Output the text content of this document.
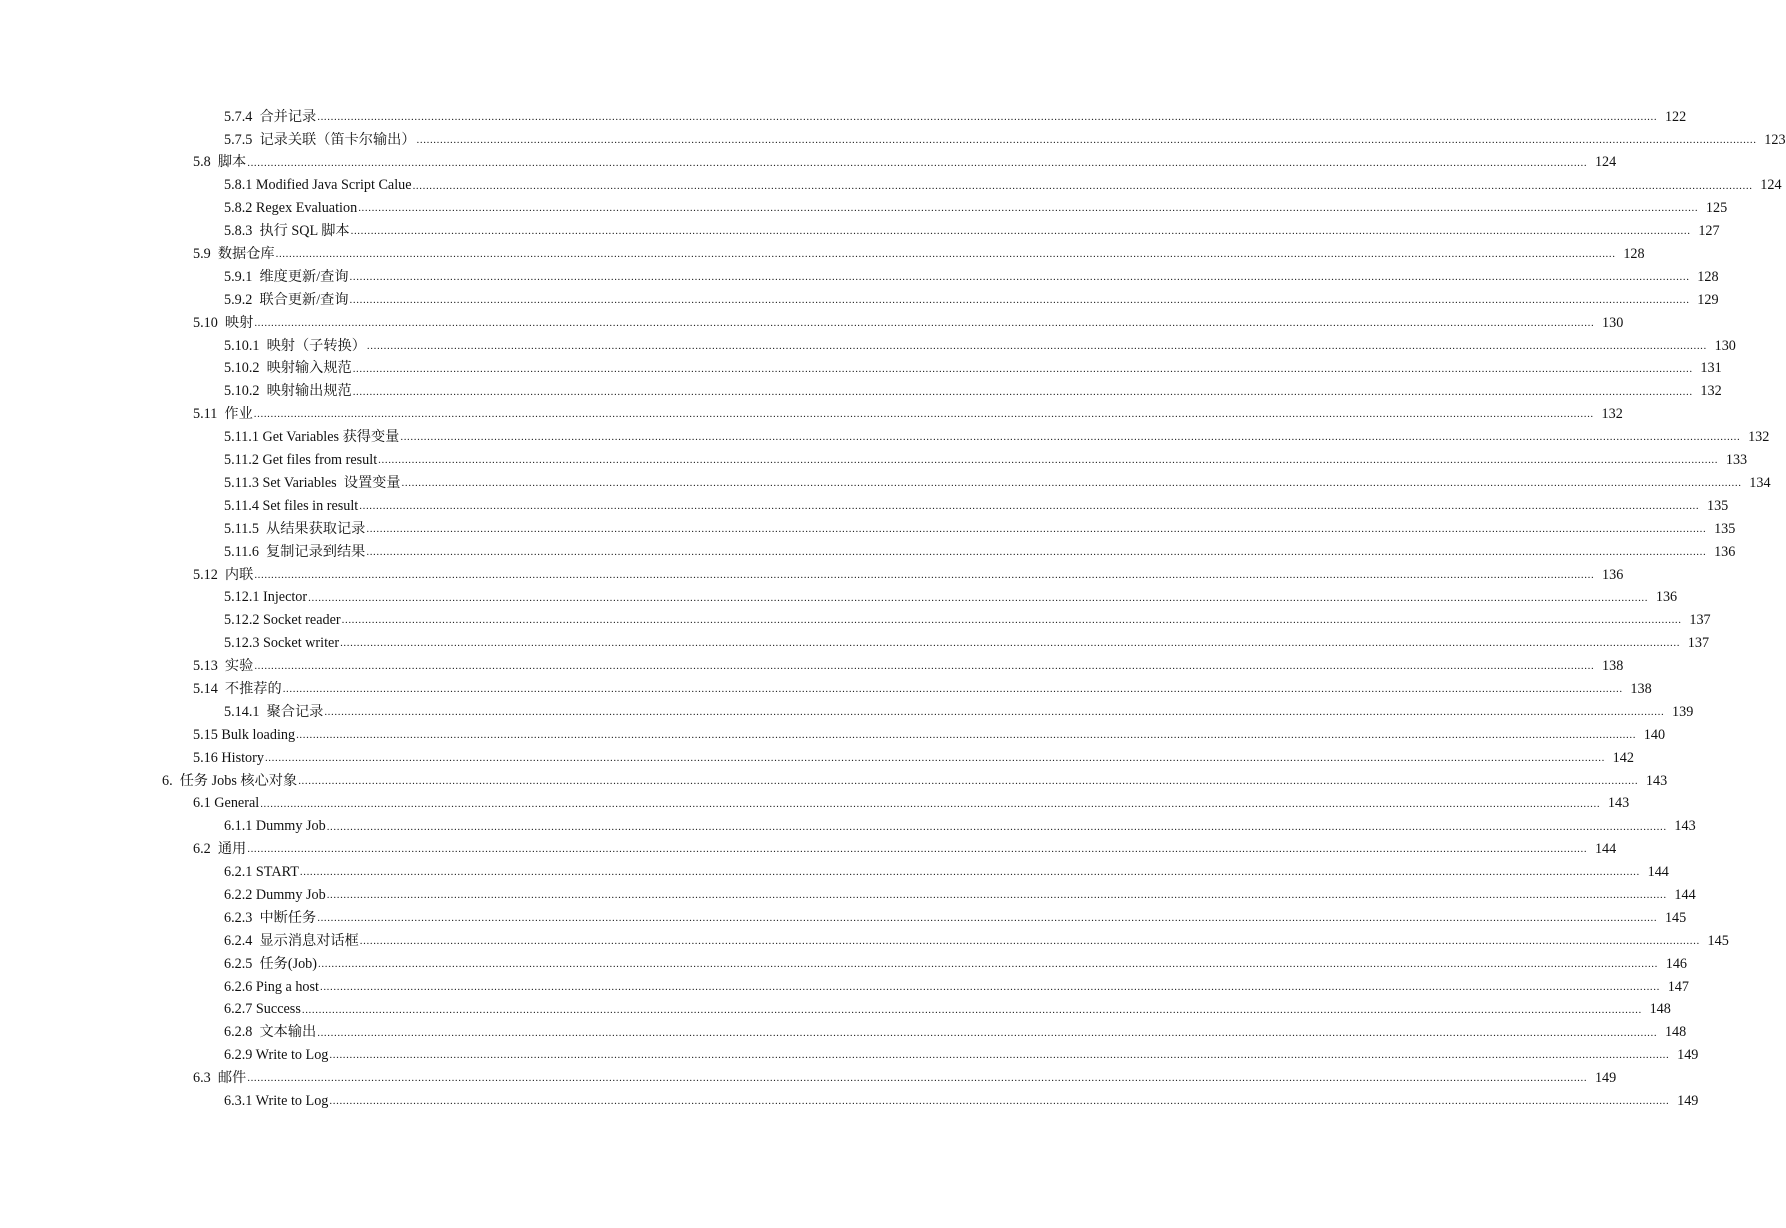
5.7.4  合并记录 ................................................................................................................................................................................................................................................................................................................................................................................................................ 122
5.7.5  记录关联（笛卡尔输出） ................................................................................................................................................................................................................................................................................................................................................................................................................ 123
5.8  脚本 ................................................................................................................................................................................................................................................................................................................................................................................................................ 124
5.8.1 Modified Java Script Calue ................................................................................................................................................................................................................................................................................................................................................................................................................ 124
5.8.2 Regex Evaluation ................................................................................................................................................................................................................................................................................................................................................................................................................ 125
5.8.3  执行 SQL 脚本 ................................................................................................................................................................................................................................................................................................................................................................................................................ 127
5.9  数据仓库 ................................................................................................................................................................................................................................................................................................................................................................................................................ 128
5.9.1  维度更新/查询 ................................................................................................................................................................................................................................................................................................................................................................................................................ 128
5.9.2  联合更新/查询 ................................................................................................................................................................................................................................................................................................................................................................................................................ 129
5.10  映射 ................................................................................................................................................................................................................................................................................................................................................................................................................ 130
5.10.1  映射（子转换） ................................................................................................................................................................................................................................................................................................................................................................................................................ 130
5.10.2  映射输入规范 ................................................................................................................................................................................................................................................................................................................................................................................................................ 131
5.10.2  映射输出规范 ................................................................................................................................................................................................................................................................................................................................................................................................................ 132
5.11  作业 ................................................................................................................................................................................................................................................................................................................................................................................................................ 132
5.11.1 Get Variables 获得变量 ................................................................................................................................................................................................................................................................................................................................................................................................................ 132
5.11.2 Get files from result ................................................................................................................................................................................................................................................................................................................................................................................................................ 133
5.11.3 Set Variables  设置变量 ................................................................................................................................................................................................................................................................................................................................................................................................................ 134
5.11.4 Set files in result ................................................................................................................................................................................................................................................................................................................................................................................................................ 135
5.11.5  从结果获取记录 ................................................................................................................................................................................................................................................................................................................................................................................................................ 135
5.11.6  复制记录到结果 ................................................................................................................................................................................................................................................................................................................................................................................................................ 136
5.12  内联 ................................................................................................................................................................................................................................................................................................................................................................................................................ 136
5.12.1 Injector ................................................................................................................................................................................................................................................................................................................................................................................................................ 136
5.12.2 Socket reader ................................................................................................................................................................................................................................................................................................................................................................................................................ 137
5.12.3 Socket writer ................................................................................................................................................................................................................................................................................................................................................................................................................ 137
5.13  实验 ................................................................................................................................................................................................................................................................................................................................................................................................................ 138
5.14  不推荐的 ................................................................................................................................................................................................................................................................................................................................................................................................................ 138
5.14.1  聚合记录 ................................................................................................................................................................................................................................................................................................................................................................................................................ 139
5.15 Bulk loading ................................................................................................................................................................................................................................................................................................................................................................................................................ 140
5.16 History ................................................................................................................................................................................................................................................................................................................................................................................................................ 142
6.  任务 Jobs 核心对象 ................................................................................................................................................................................................................................................................................................................................................................................................................ 143
6.1 General ................................................................................................................................................................................................................................................................................................................................................................................................................ 143
6.1.1 Dummy Job ................................................................................................................................................................................................................................................................................................................................................................................................................ 143
6.2  通用 ................................................................................................................................................................................................................................................................................................................................................................................................................ 144
6.2.1 START ................................................................................................................................................................................................................................................................................................................................................................................................................ 144
6.2.2 Dummy Job ................................................................................................................................................................................................................................................................................................................................................................................................................ 144
6.2.3  中断任务 ................................................................................................................................................................................................................................................................................................................................................................................................................ 145
6.2.4  显示消息对话框 ................................................................................................................................................................................................................................................................................................................................................................................................................ 145
6.2.5  任务(Job) ................................................................................................................................................................................................................................................................................................................................................................................................................ 146
6.2.6 Ping a host ................................................................................................................................................................................................................................................................................................................................................................................................................ 147
6.2.7 Success ................................................................................................................................................................................................................................................................................................................................................................................................................ 148
6.2.8  文本输出 ................................................................................................................................................................................................................................................................................................................................................................................................................ 148
6.2.9 Write to Log ................................................................................................................................................................................................................................................................................................................................................................................................................ 149
6.3  邮件 ................................................................................................................................................................................................................................................................................................................................................................................................................ 149
6.3.1 Write to Log ................................................................................................................................................................................................................................................................................................................................................................................................................ 149
